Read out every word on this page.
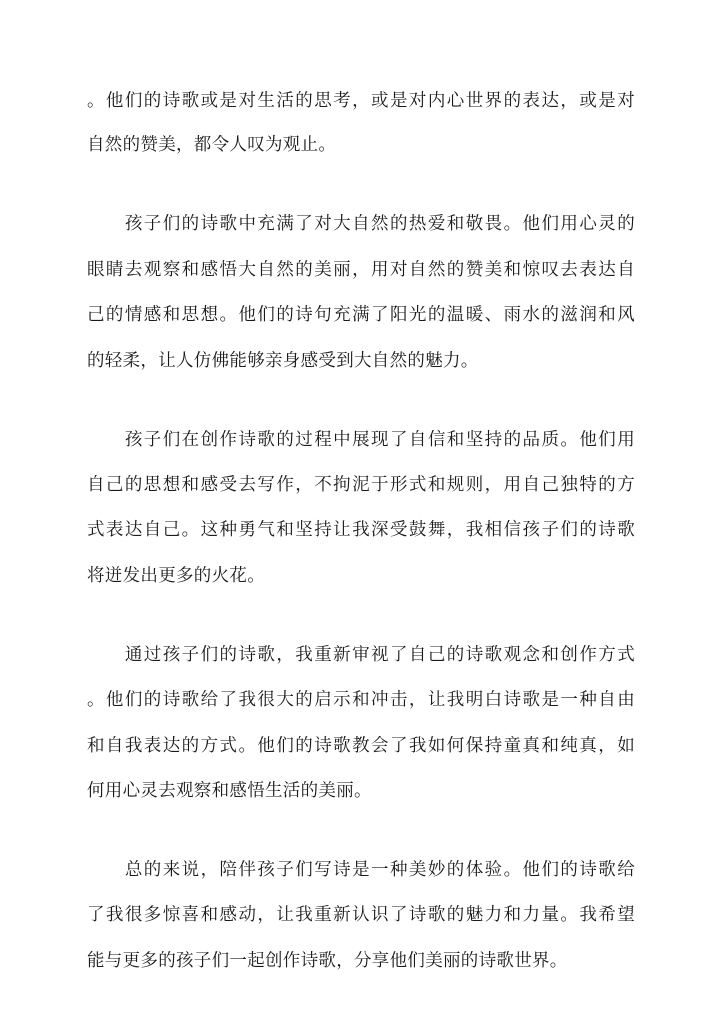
。他们的诗歌或是对生活的思考，或是对内心世界的表达，或是对
自然的赞美，都令人叹为观止。
　　孩子们的诗歌中充满了对大自然的热爱和敬畏。他们用心灵的
眼睛去观察和感悟大自然的美丽，用对自然的赞美和惊叹去表达自
己的情感和思想。他们的诗句充满了阳光的温暖、雨水的滋润和风
的轻柔，让人仿佛能够亲身感受到大自然的魅力。
　　孩子们在创作诗歌的过程中展现了自信和坚持的品质。他们用
自己的思想和感受去写作，不拘泥于形式和规则，用自己独特的方
式表达自己。这种勇气和坚持让我深受鼓舞，我相信孩子们的诗歌
将迸发出更多的火花。
　　通过孩子们的诗歌，我重新审视了自己的诗歌观念和创作方式
。他们的诗歌给了我很大的启示和冲击，让我明白诗歌是一种自由
和自我表达的方式。他们的诗歌教会了我如何保持童真和纯真，如
何用心灵去观察和感悟生活的美丽。
　　总的来说，陪伴孩子们写诗是一种美妙的体验。他们的诗歌给
了我很多惊喜和感动，让我重新认识了诗歌的魅力和力量。我希望
能与更多的孩子们一起创作诗歌，分享他们美丽的诗歌世界。
